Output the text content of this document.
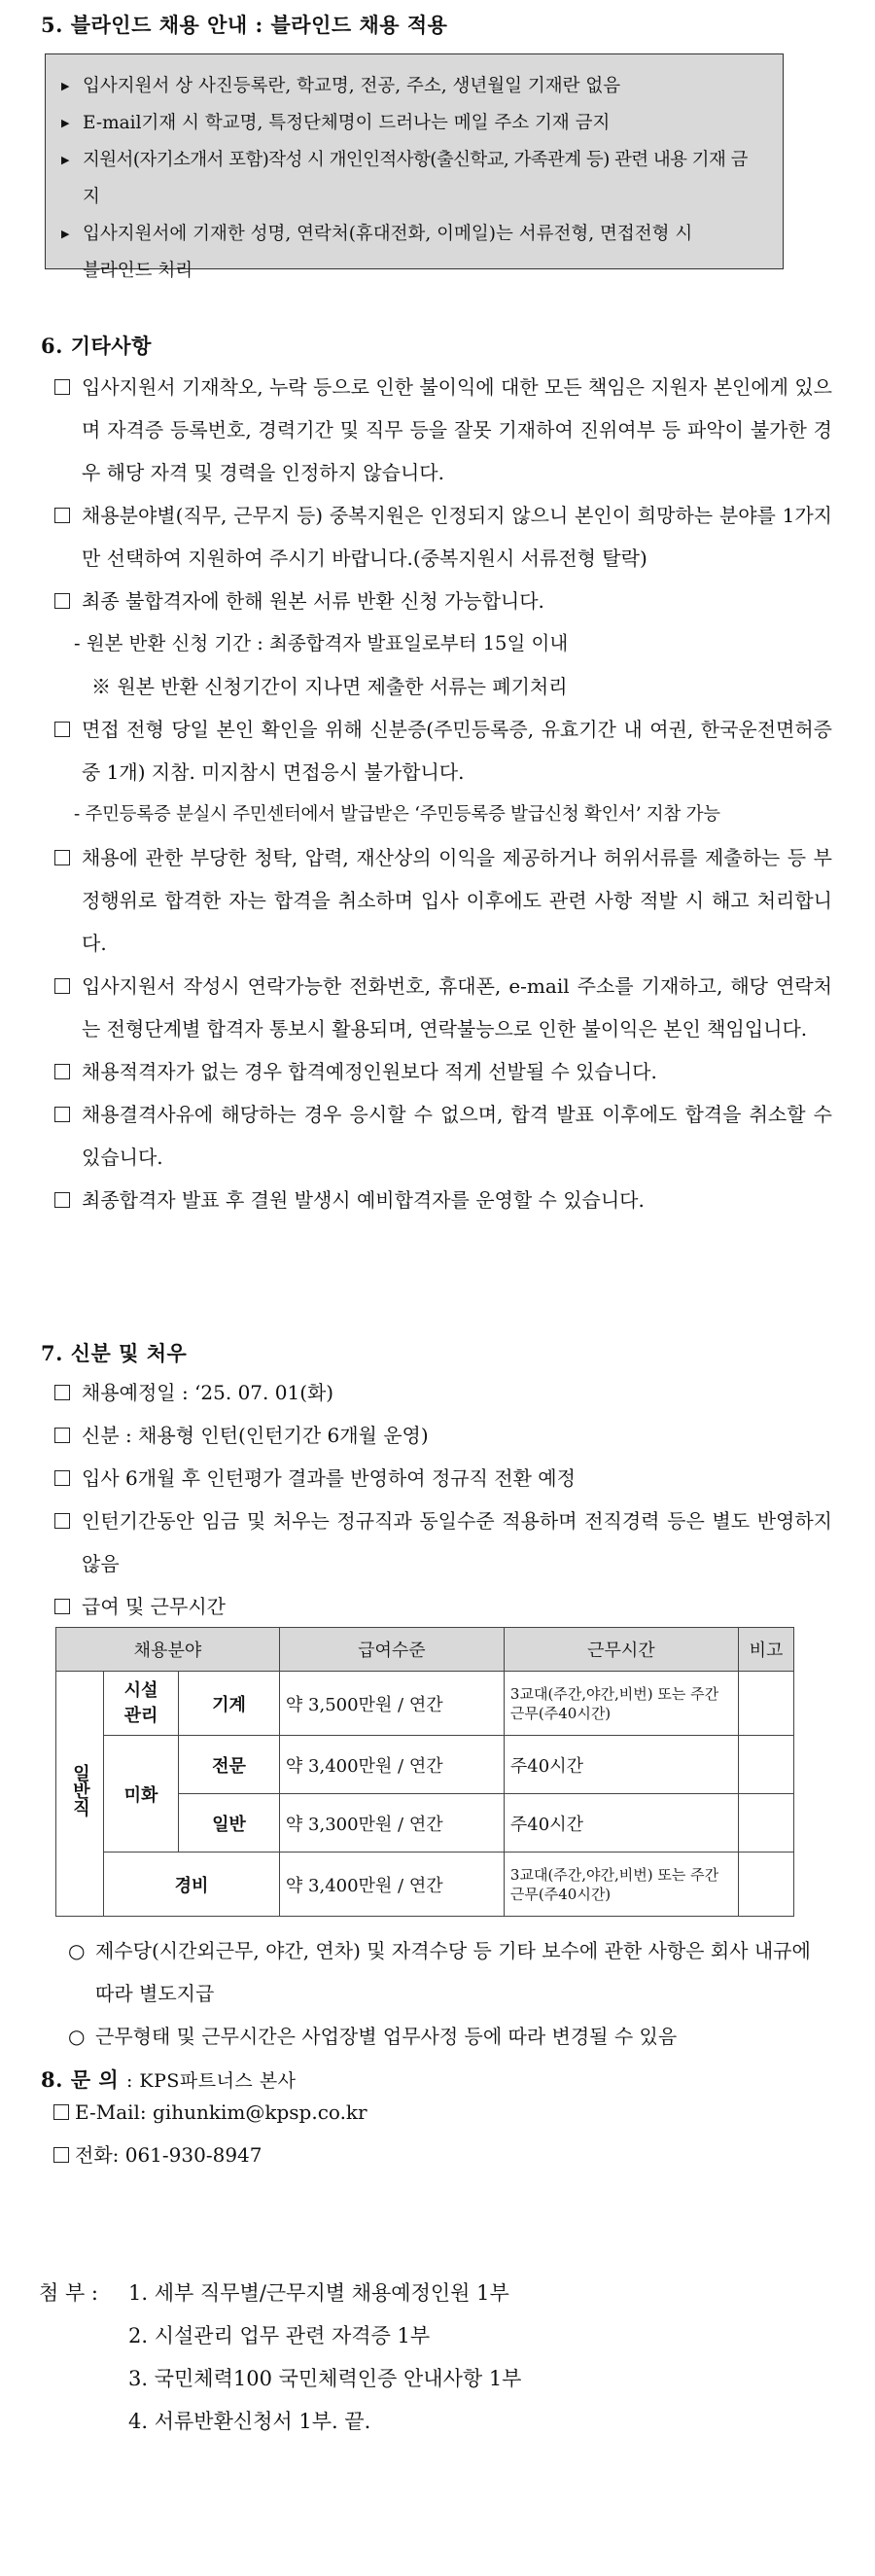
5. 블라인드 채용 안내 : 블라인드 채용 적용
▶ 입사지원서 상 사진등록란, 학교명, 전공, 주소, 생년월일 기재란 없음
▶ E-mail기재 시 학교명, 특정단체명이 드러나는 메일 주소 기재 금지
▶ 지원서(자기소개서 포함)작성 시 개인인적사항(출신학교, 가족관계 등) 관련 내용 기재 금지
▶ 입사지원서에 기재한 성명, 연락처(휴대전화, 이메일)는 서류전형, 면접전형 시
블라인드 처리
6. 기타사항
입사지원서 기재착오, 누락 등으로 인한 불이익에 대한 모든 책임은 지원자 본인에게 있으며 자격증 등록번호, 경력기간 및 직무 등을 잘못 기재하여 진위여부 등 파악이 불가한 경우 해당 자격 및 경력을 인정하지 않습니다.
채용분야별(직무, 근무지 등) 중복지원은 인정되지 않으니 본인이 희망하는 분야를 1가지만 선택하여 지원하여 주시기 바랍니다.(중복지원시 서류전형 탈락)
최종 불합격자에 한해 원본 서류 반환 신청 가능합니다.
- 원본 반환 신청 기간 : 최종합격자 발표일로부터 15일 이내
※ 원본 반환 신청기간이 지나면 제출한 서류는 폐기처리
면접 전형 당일 본인 확인을 위해 신분증(주민등록증, 유효기간 내 여권, 한국운전면허증 중 1개) 지참. 미지참시 면접응시 불가합니다.
- 주민등록증 분실시 주민센터에서 발급받은 ‘주민등록증 발급신청 확인서’ 지참 가능
채용에 관한 부당한 청탁, 압력, 재산상의 이익을 제공하거나 허위서류를 제출하는 등 부정행위로 합격한 자는 합격을 취소하며 입사 이후에도 관련 사항 적발 시 해고 처리합니다.
입사지원서 작성시 연락가능한 전화번호, 휴대폰, e-mail 주소를 기재하고, 해당 연락처는 전형단계별 합격자 통보시 활용되며, 연락불능으로 인한 불이익은 본인 책임입니다.
채용적격자가 없는 경우 합격예정인원보다 적게 선발될 수 있습니다.
채용결격사유에 해당하는 경우 응시할 수 없으며, 합격 발표 이후에도 합격을 취소할 수 있습니다.
최종합격자 발표 후 결원 발생시 예비합격자를 운영할 수 있습니다.
7. 신분 및 처우
채용예정일 : ‘25. 07. 01(화)
신분 : 채용형 인턴(인턴기간 6개월 운영)
입사 6개월 후 인턴평가 결과를 반영하여 정규직 전환 예정
인턴기간동안 임금 및 처우는 정규직과 동일수준 적용하며 전직경력 등은 별도 반영하지 않음
급여 및 근무시간
채용분야			급여수준	근무시간	비고
일반직	시설관리	기계	약 3,500만원 / 연간	3교대(주간,야간,비번) 또는 주간근무(주40시간)	
	미화	전문	약 3,400만원 / 연간	주40시간	
		일반	약 3,300만원 / 연간	주40시간	
	경비		약 3,400만원 / 연간	3교대(주간,야간,비번) 또는 주간근무(주40시간)	
○ 제수당(시간외근무, 야간, 연차) 및 자격수당 등 기타 보수에 관한 사항은 회사 내규에 따라 별도지급
○ 근무형태 및 근무시간은 사업장별 업무사정 등에 따라 변경될 수 있음
8. 문 의 : KPS파트너스 본사
E-Mail: gihunkim@kpsp.co.kr
전화: 061-930-8947
첨 부 : 1. 세부 직무별/근무지별 채용예정인원 1부
2. 시설관리 업무 관련 자격증 1부
3. 국민체력100 국민체력인증 안내사항 1부
4. 서류반환신청서 1부. 끝.
